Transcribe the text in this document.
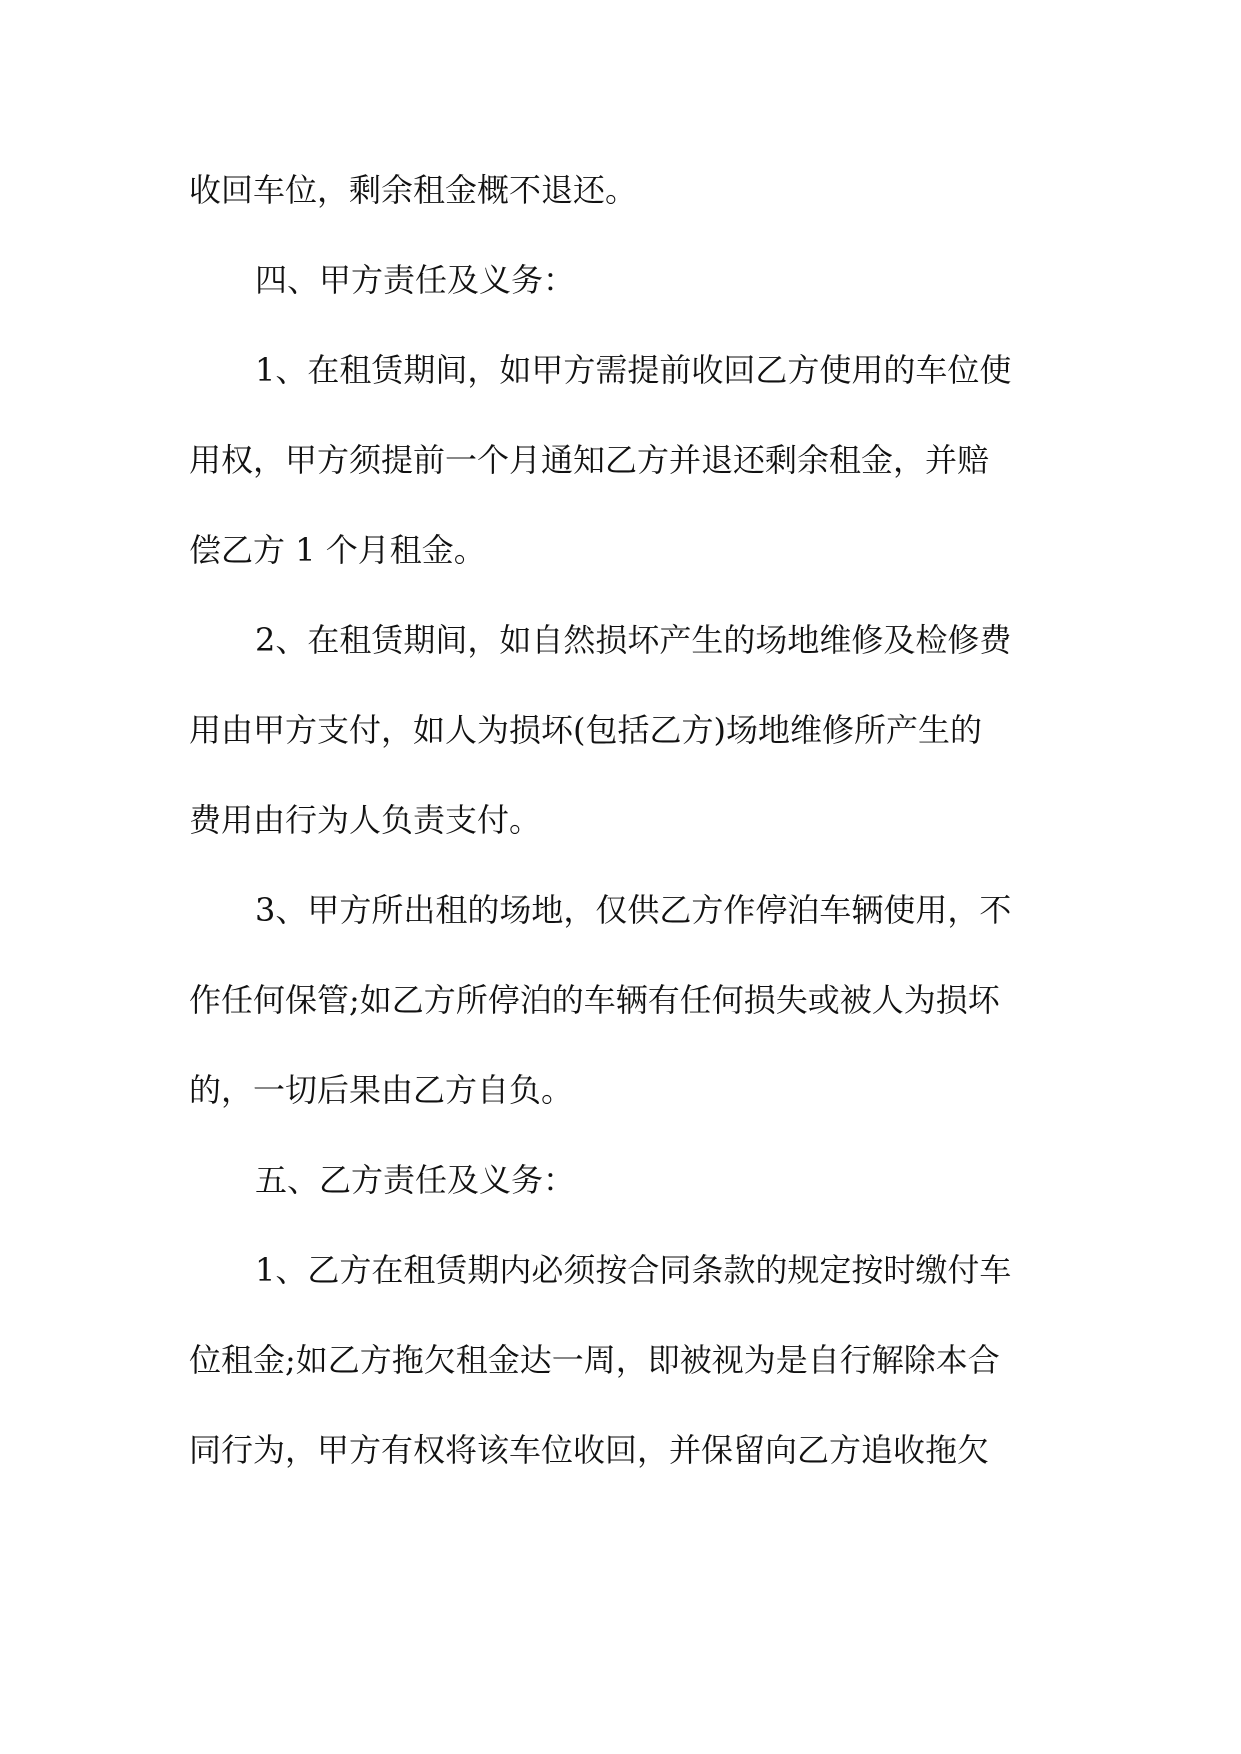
收回车位，剩余租金概不退还。
四、甲方责任及义务：
1、在租赁期间，如甲方需提前收回乙方使用的车位使
用权，甲方须提前一个月通知乙方并退还剩余租金，并赔
偿乙方 1 个月租金。
2、在租赁期间，如自然损坏产生的场地维修及检修费
用由甲方支付，如人为损坏(包括乙方)场地维修所产生的
费用由行为人负责支付。
3、甲方所出租的场地，仅供乙方作停泊车辆使用，不
作任何保管;如乙方所停泊的车辆有任何损失或被人为损坏
的，一切后果由乙方自负。
五、乙方责任及义务：
1、乙方在租赁期内必须按合同条款的规定按时缴付车
位租金;如乙方拖欠租金达一周，即被视为是自行解除本合
同行为，甲方有权将该车位收回，并保留向乙方追收拖欠
